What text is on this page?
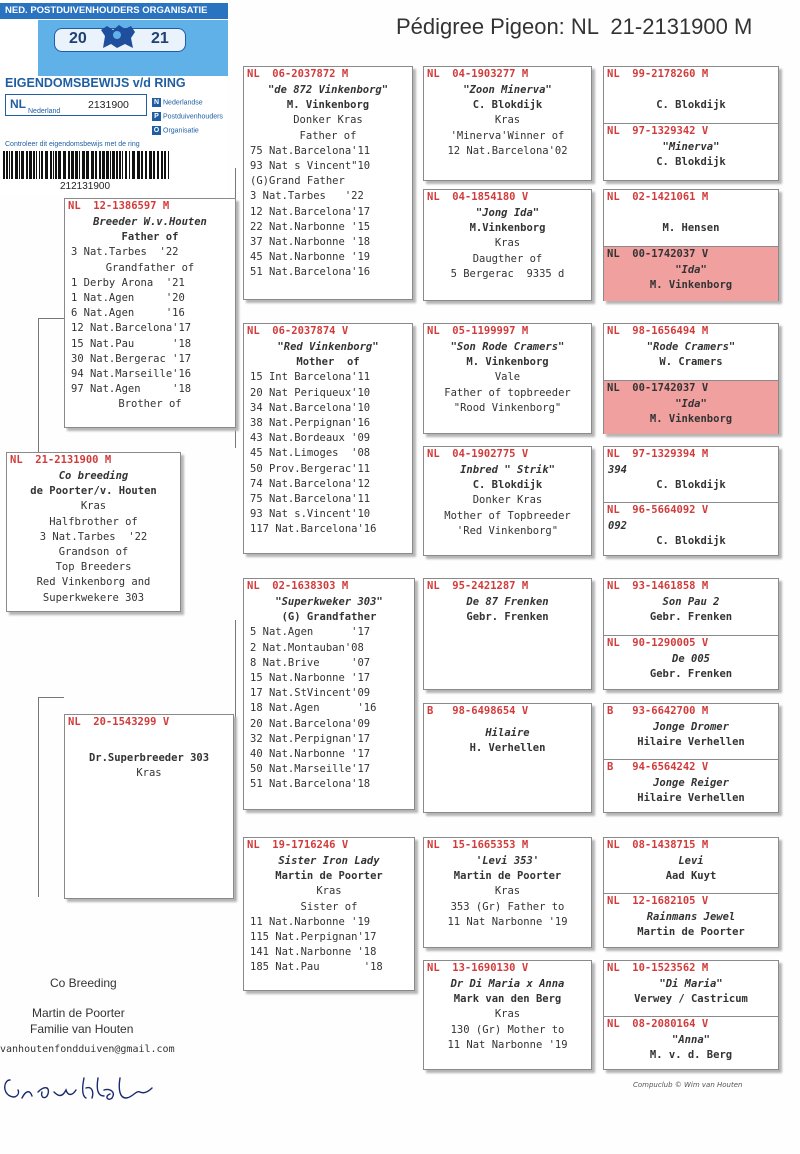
Pédigree Pigeon: NL  21-2131900 M
NED. POSTDUIVENHOUDERS ORGANISATIE
20	21
EIGENDOMSBEWIJS v/d RING
NL	2131900
Nederland
N Nederlandse
P Postduivenhouders
O Organisatie
Controleer dit eigendomsbewijs met de ring
212131900
NL  21-2131900 M
Co breeding
de Poorter/v. Houten
Kras
Halfbrother of
3 Nat.Tarbes  '22
Grandson of
Top Breeders
Red Vinkenborg and
Superkwekere 303
NL  12-1386597 M
Breeder W.v.Houten
Father of
3 Nat.Tarbes  '22
Grandfather of
1 Derby Arona  '21
1 Nat.Agen     '20
6 Nat.Agen     '16
12 Nat.Barcelona'17
15 Nat.Pau      '18
30 Nat.Bergerac '17
94 Nat.Marseille'16
97 Nat.Agen     '18
Brother of
NL  20-1543299 V
Dr.Superbreeder 303
Kras
NL  06-2037872 M
"de 872 Vinkenborg"
M. Vinkenborg
Donker Kras
Father of
75 Nat.Barcelona'11
93 Nat s Vincent"10
(G)Grand Father
3 Nat.Tarbes   '22
12 Nat.Barcelona'17
22 Nat.Narbonne '15
37 Nat.Narbonne '18
45 Nat.Narbonne '19
51 Nat.Barcelona'16
NL  06-2037874 V
"Red Vinkenborg"
Mother  of
15 Int Barcelona'11
20 Nat Periqueux'10
34 Nat.Barcelona'10
38 Nat.Perpignan'16
43 Nat.Bordeaux '09
45 Nat.Limoges  '08
50 Prov.Bergerac'11
74 Nat.Barcelona'12
75 Nat.Barcelona'11
93 Nat s.Vincent'10
117 Nat.Barcelona'16
NL  02-1638303 M
"Superkweker 303"
(G) Grandfather
5 Nat.Agen      '17
2 Nat.Montauban'08
8 Nat.Brive     '07
15 Nat.Narbonne '17
17 Nat.StVincent'09
18 Nat.Agen      '16
20 Nat.Barcelona'09
32 Nat.Perpignan'17
40 Nat.Narbonne '17
50 Nat.Marseille'17
51 Nat.Barcelona'18
NL  19-1716246 V
Sister Iron Lady
Martin de Poorter
Kras
Sister of
11 Nat.Narbonne '19
115 Nat.Perpignan'17
141 Nat.Narbonne '18
185 Nat.Pau       '18
NL  04-1903277 M
"Zoon Minerva"
C. Blokdijk
Kras
'Minerva'Winner of
12 Nat.Barcelona'02
NL  04-1854180 V
"Jong Ida"
M.Vinkenborg
Kras
Daugther of
5 Bergerac  9335 d
NL  05-1199997 M
"Son Rode Cramers"
M. Vinkenborg
Vale
Father of topbreeder
"Rood Vinkenborg"
NL  04-1902775 V
Inbred " Strik"
C. Blokdijk
Donker Kras
Mother of Topbreeder
'Red Vinkenborg"
NL  95-2421287 M
De 87 Frenken
Gebr. Frenken
B   98-6498654 V
Hilaire
H. Verhellen
NL  15-1665353 M
'Levi 353'
Martin de Poorter
Kras
353 (Gr) Father to
11 Nat Narbonne '19
NL  13-1690130 V
Dr Di Maria x Anna
Mark van den Berg
Kras
130 (Gr) Mother to
11 Nat Narbonne '19
NL  99-2178260 M
C. Blokdijk
NL  97-1329342 V
"Minerva"
C. Blokdijk
NL  02-1421061 M
M. Hensen
NL  00-1742037 V
"Ida"
M. Vinkenborg
NL  98-1656494 M
"Rode Cramers"
W. Cramers
NL  00-1742037 V
"Ida"
M. Vinkenborg
NL  97-1329394 M
394
C. Blokdijk
NL  96-5664092 V
092
C. Blokdijk
NL  93-1461858 M
Son Pau 2
Gebr. Frenken
NL  90-1290005 V
De 005
Gebr. Frenken
B   93-6642700 M
Jonge Dromer
Hilaire Verhellen
B   94-6564242 V
Jonge Reiger
Hilaire Verhellen
NL  08-1438715 M
Levi
Aad Kuyt
NL  12-1682105 V
Rainmans Jewel
Martin de Poorter
NL  10-1523562 M
"Di Maria"
Verwey / Castricum
NL  08-2080164 V
"Anna"
M. v. d. Berg
Co Breeding
Martin de Poorter
Familie van Houten
vanhoutenfondduiven@gmail.com
Compuclub © Wim van Houten
